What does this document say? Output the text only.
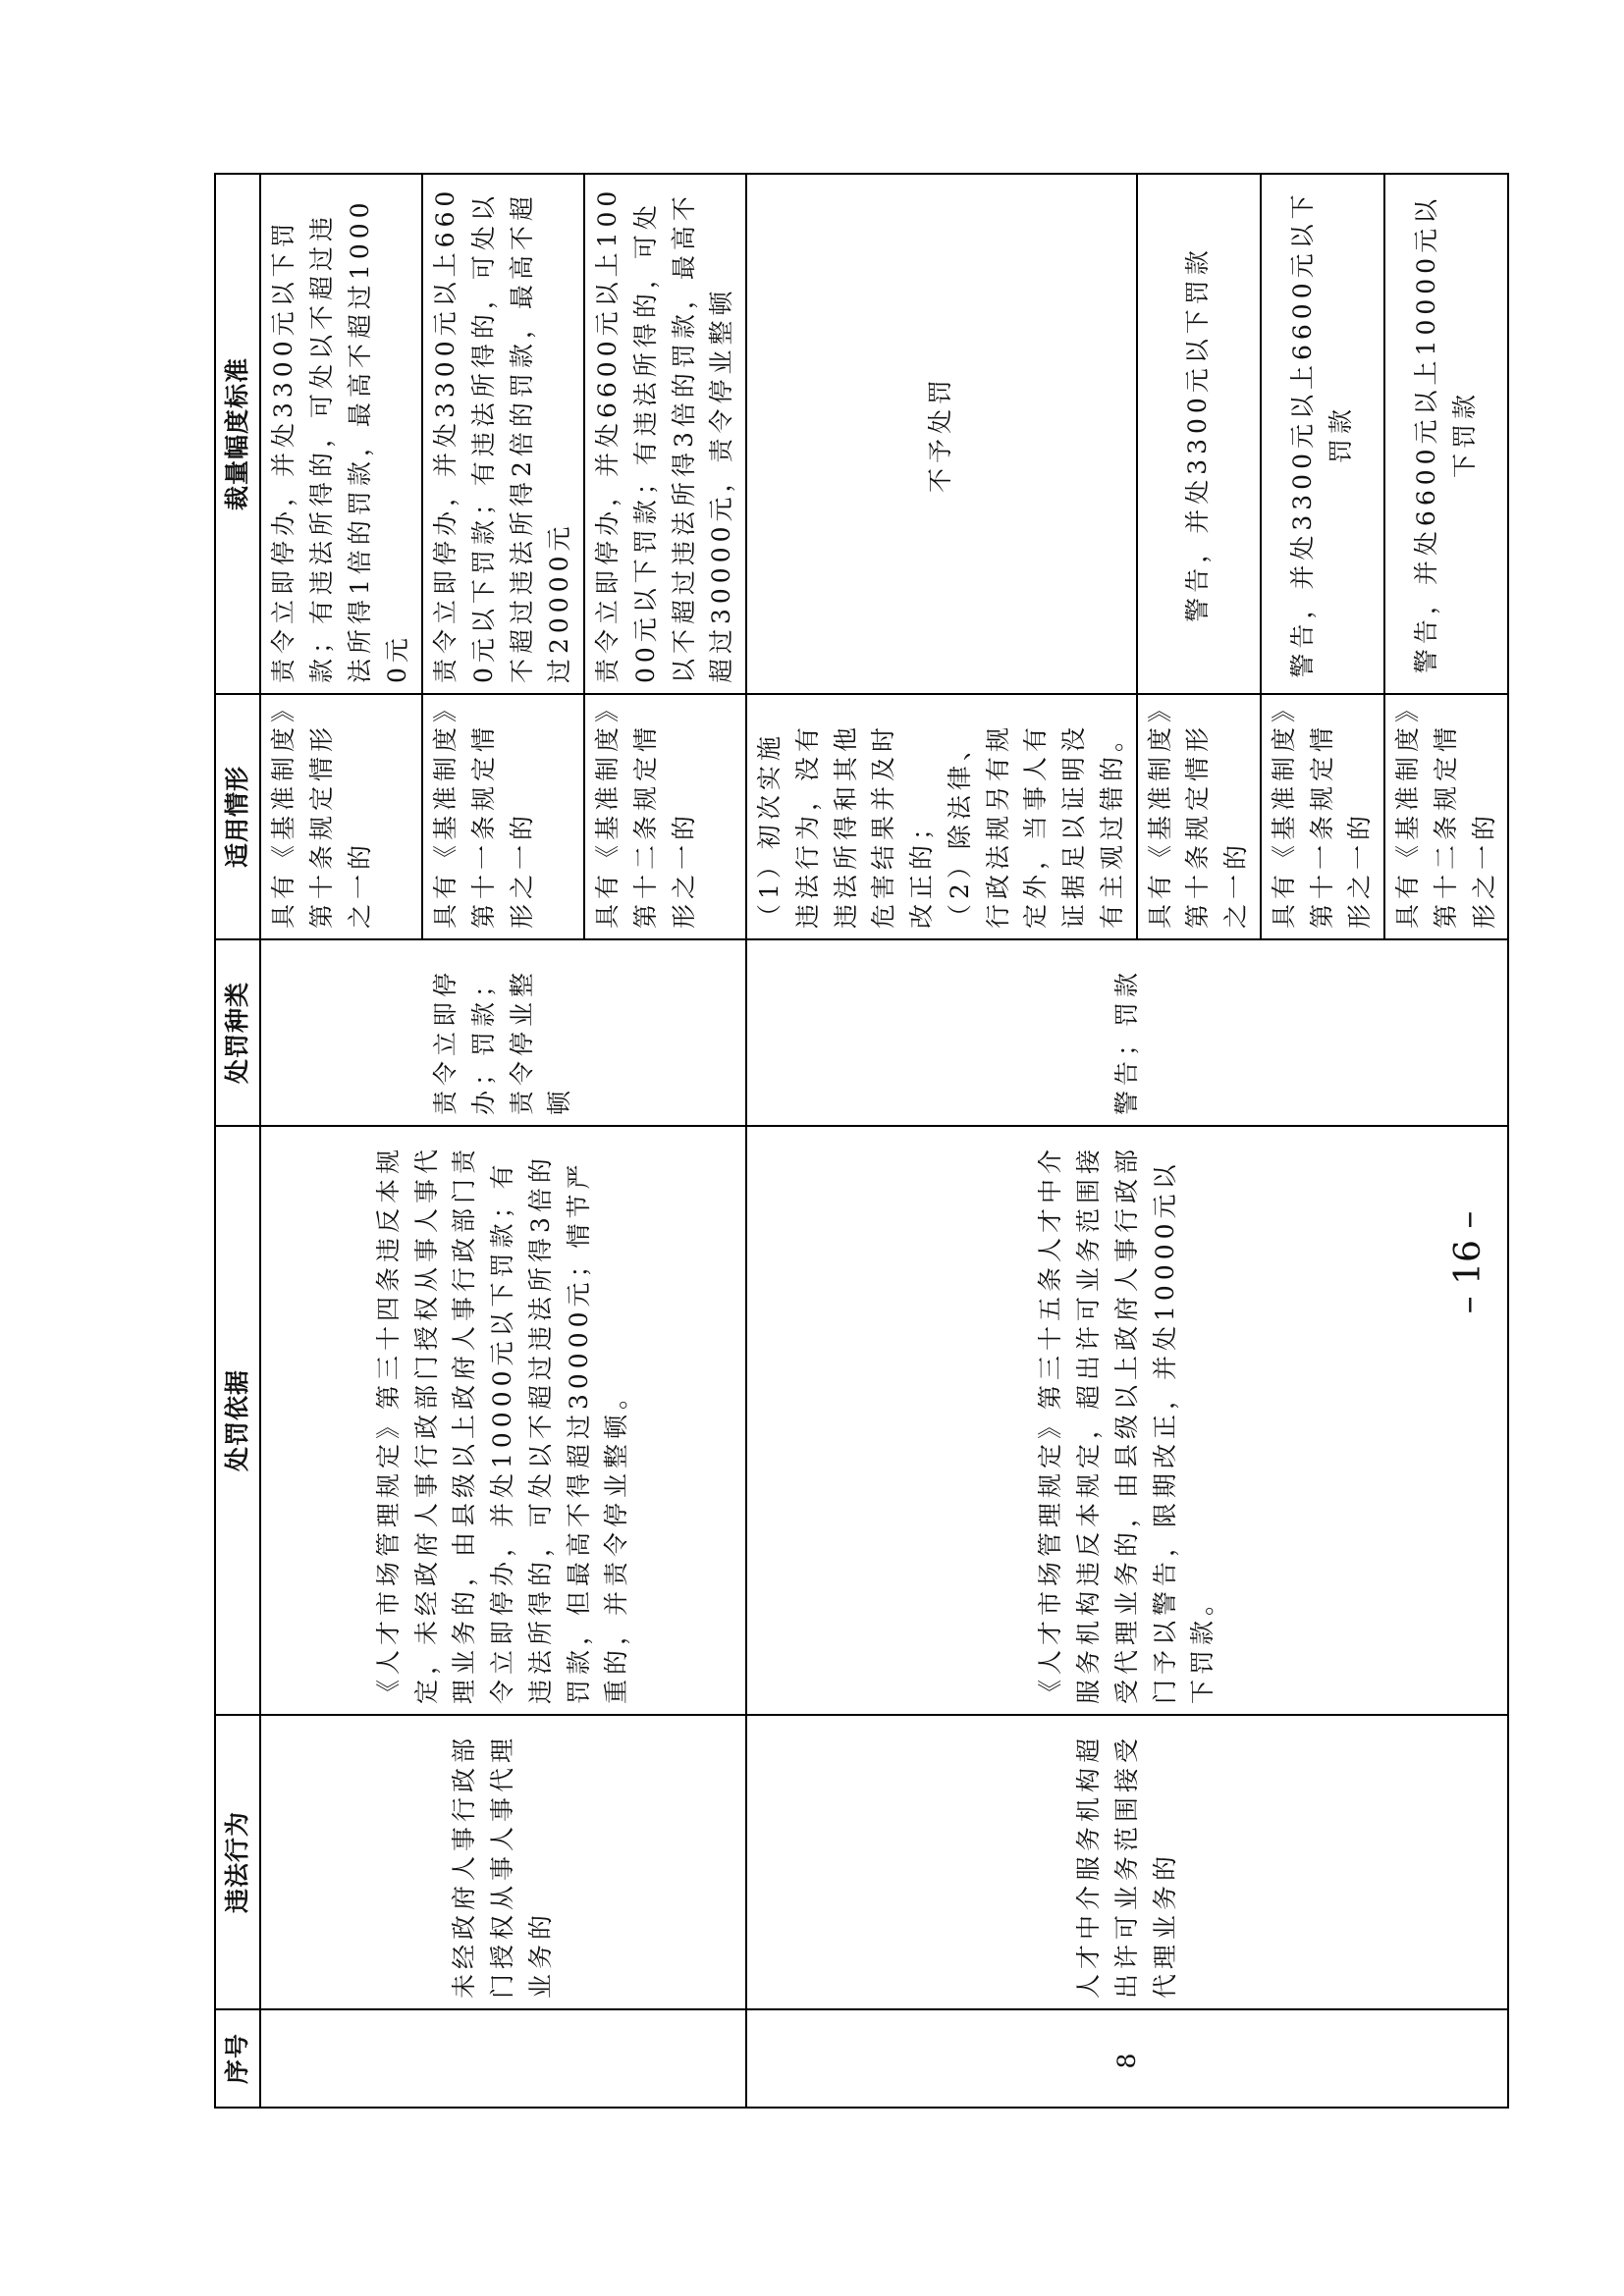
序号	违法行为	处罚依据	处罚种类	适用情形	裁量幅度标准
	未经政府人事行政部门授权从事人事代理业务的	《人才市场管理规定》第三十四条违反本规定，未经政府人事行政部门授权从事人事代理业务的，由县级以上政府人事行政部门责令立即停办，并处10000元以下罚款；有违法所得的，可处以不超过违法所得3倍的罚款，但最高不得超过30000元；情节严重的，并责令停业整顿。	责令立即停办；罚款；责令停业整顿	具有《基准制度》第十条规定情形之一的	责令立即停办，并处3300元以下罚款；有违法所得的，可处以不超过违法所得1倍的罚款，最高不超过10000元
				具有《基准制度》第十一条规定情形之一的	责令立即停办，并处3300元以上6600元以下罚款；有违法所得的，可处以不超过违法所得2倍的罚款，最高不超过20000元
				具有《基准制度》第十二条规定情形之一的	责令立即停办，并处6600元以上10000元以下罚款；有违法所得的，可处以不超过违法所得3倍的罚款，最高不超过30000元，责令停业整顿
8	人才中介服务机构超出许可业务范围接受代理业务的	《人才市场管理规定》第三十五条人才中介服务机构违反本规定，超出许可业务范围接受代理业务的，由县级以上政府人事行政部门予以警告，限期改正，并处10000元以下罚款。	警告；罚款	（1）初次实施违法行为，没有违法所得和其他危害结果并及时改正的； （2）除法律、行政法规另有规定外，当事人有证据足以证明没有主观过错的。	不予处罚
				具有《基准制度》第十条规定情形之一的	警告，并处3300元以下罚款
				具有《基准制度》第十一条规定情形之一的	警告，并处3300元以上6600元以下罚款
				具有《基准制度》第十二条规定情形之一的	警告，并处6600元以上10000元以下罚款
– 16 –
